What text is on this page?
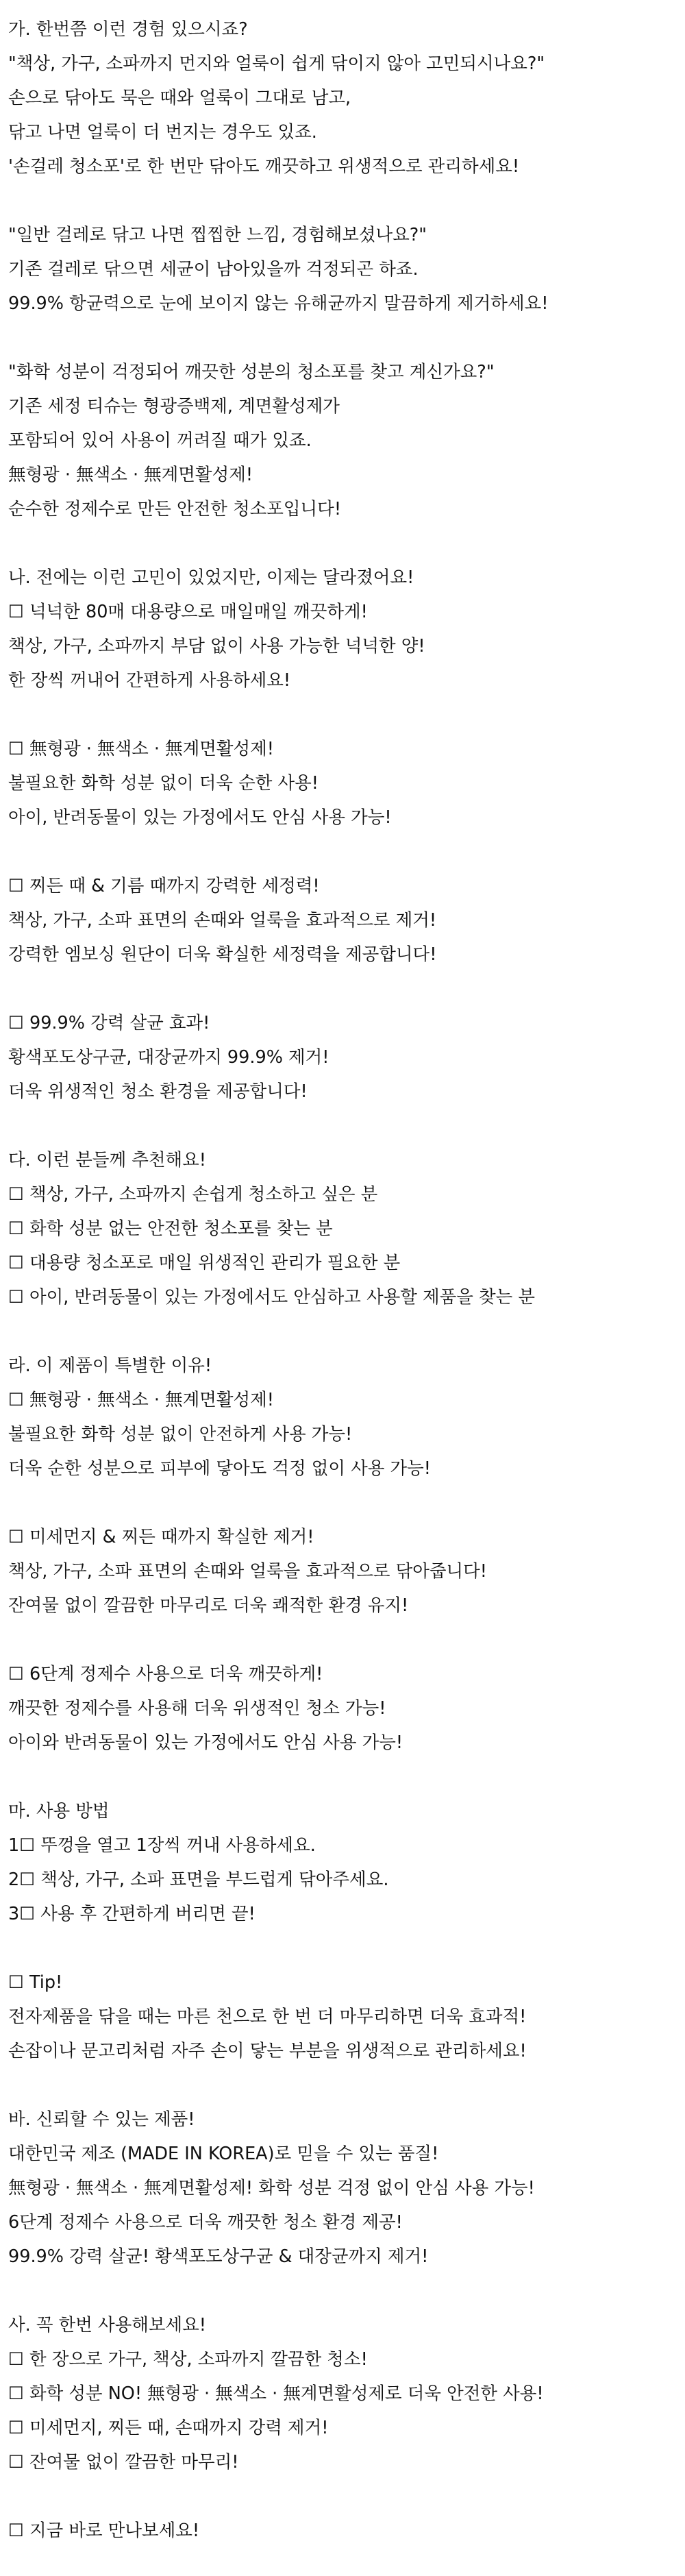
가. 한번쯤 이런 경험 있으시죠?
"책상, 가구, 소파까지 먼지와 얼룩이 쉽게 닦이지 않아 고민되시나요?"
손으로 닦아도 묵은 때와 얼룩이 그대로 남고,
닦고 나면 얼룩이 더 번지는 경우도 있죠.
'손걸레 청소포'로 한 번만 닦아도 깨끗하고 위생적으로 관리하세요!
"일반 걸레로 닦고 나면 찝찝한 느낌, 경험해보셨나요?"
기존 걸레로 닦으면 세균이 남아있을까 걱정되곤 하죠.
99.9% 항균력으로 눈에 보이지 않는 유해균까지 말끔하게 제거하세요!
"화학 성분이 걱정되어 깨끗한 성분의 청소포를 찾고 계신가요?"
기존 세정 티슈는 형광증백제, 계면활성제가
포함되어 있어 사용이 꺼려질 때가 있죠.
無형광 · 無색소 · 無계면활성제!
순수한 정제수로 만든 안전한 청소포입니다!
나. 전에는 이런 고민이 있었지만, 이제는 달라졌어요!
☐ 넉넉한 80매 대용량으로 매일매일 깨끗하게!
책상, 가구, 소파까지 부담 없이 사용 가능한 넉넉한 양!
한 장씩 꺼내어 간편하게 사용하세요!
☐ 無형광 · 無색소 · 無계면활성제!
불필요한 화학 성분 없이 더욱 순한 사용!
아이, 반려동물이 있는 가정에서도 안심 사용 가능!
☐ 찌든 때 & 기름 때까지 강력한 세정력!
책상, 가구, 소파 표면의 손때와 얼룩을 효과적으로 제거!
강력한 엠보싱 원단이 더욱 확실한 세정력을 제공합니다!
☐ 99.9% 강력 살균 효과!
황색포도상구균, 대장균까지 99.9% 제거!
더욱 위생적인 청소 환경을 제공합니다!
다. 이런 분들께 추천해요!
☐ 책상, 가구, 소파까지 손쉽게 청소하고 싶은 분
☐ 화학 성분 없는 안전한 청소포를 찾는 분
☐ 대용량 청소포로 매일 위생적인 관리가 필요한 분
☐ 아이, 반려동물이 있는 가정에서도 안심하고 사용할 제품을 찾는 분
라. 이 제품이 특별한 이유!
☐ 無형광 · 無색소 · 無계면활성제!
불필요한 화학 성분 없이 안전하게 사용 가능!
더욱 순한 성분으로 피부에 닿아도 걱정 없이 사용 가능!
☐ 미세먼지 & 찌든 때까지 확실한 제거!
책상, 가구, 소파 표면의 손때와 얼룩을 효과적으로 닦아줍니다!
잔여물 없이 깔끔한 마무리로 더욱 쾌적한 환경 유지!
☐ 6단계 정제수 사용으로 더욱 깨끗하게!
깨끗한 정제수를 사용해 더욱 위생적인 청소 가능!
아이와 반려동물이 있는 가정에서도 안심 사용 가능!
마. 사용 방법
1☐ 뚜껑을 열고 1장씩 꺼내 사용하세요.
2☐ 책상, 가구, 소파 표면을 부드럽게 닦아주세요.
3☐ 사용 후 간편하게 버리면 끝!
☐ Tip!
전자제품을 닦을 때는 마른 천으로 한 번 더 마무리하면 더욱 효과적!
손잡이나 문고리처럼 자주 손이 닿는 부분을 위생적으로 관리하세요!
바. 신뢰할 수 있는 제품!
대한민국 제조 (MADE IN KOREA)로 믿을 수 있는 품질!
無형광 · 無색소 · 無계면활성제! 화학 성분 걱정 없이 안심 사용 가능!
6단계 정제수 사용으로 더욱 깨끗한 청소 환경 제공!
99.9% 강력 살균! 황색포도상구균 & 대장균까지 제거!
사. 꼭 한번 사용해보세요!
☐ 한 장으로 가구, 책상, 소파까지 깔끔한 청소!
☐ 화학 성분 NO! 無형광 · 無색소 · 無계면활성제로 더욱 안전한 사용!
☐ 미세먼지, 찌든 때, 손때까지 강력 제거!
☐ 잔여물 없이 깔끔한 마무리!
☐ 지금 바로 만나보세요!
